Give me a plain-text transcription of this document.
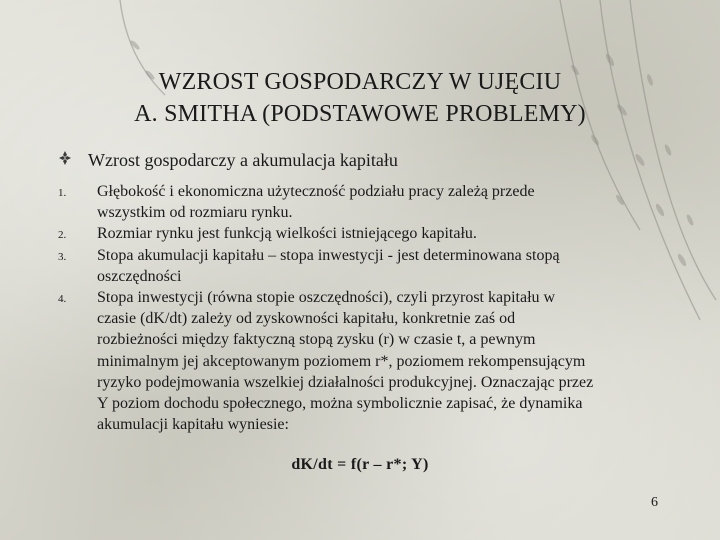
WZROST GOSPODARCZY W UJĘCIU
A. SMITHA (PODSTAWOWE PROBLEMY)
Wzrost gospodarczy a akumulacja kapitału
1. Głębokość i ekonomiczna użyteczność podziału pracy zależą przede
wszystkim od rozmiaru rynku.
2. Rozmiar rynku jest funkcją wielkości istniejącego kapitału.
3. Stopa akumulacji kapitału – stopa inwestycji - jest determinowana stopą
oszczędności
4. Stopa inwestycji (równa stopie oszczędności), czyli przyrost kapitału w
czasie (dK/dt) zależy od zyskowności kapitału, konkretnie zaś od
rozbieżności między faktyczną stopą zysku (r) w czasie t, a pewnym
minimalnym jej akceptowanym poziomem r*, poziomem rekompensującym
ryzyko podejmowania wszelkiej działalności produkcyjnej. Oznaczając przez
Y poziom dochodu społecznego, można symbolicznie zapisać, że dynamika
akumulacji kapitału wyniesie:
dK/dt = f(r – r*; Y)
6
